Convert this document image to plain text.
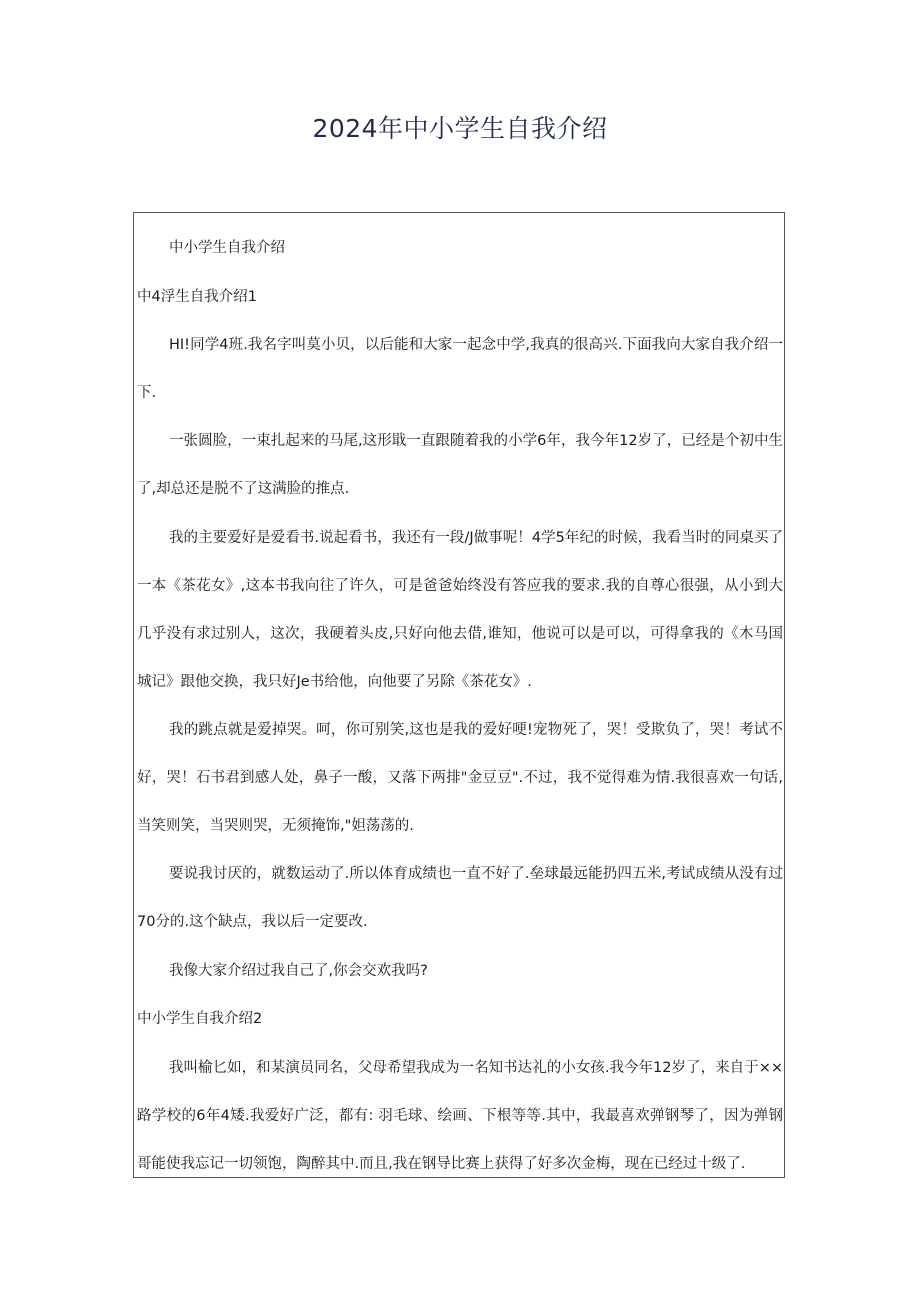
2024年中小学生自我介绍

中小学生自我介绍

中4浮生自我介绍1

HI!同学4班.我名字叫莫小贝，以后能和大家一起念中学,我真的很高兴.下面我向大家自我介绍一下.

一张圆脸，一束扎起来的马尾,这形戢一直跟随着我的小学6年，我今年12岁了，已经是个初中生了,却总还是脱不了这满脸的推点.

我的主要爱好是爱看书.说起看书，我还有一段/J做事呢！4学5年纪的时候，我看当时的同桌买了一本《茶花女》,这本书我向往了许久，可是爸爸始终没有答应我的要求.我的自尊心很强，从小到大几乎没有求过别人，这次，我硬着头皮,只好向他去借,谁知，他说可以是可以，可得拿我的《木马国城记》跟他交换，我只好Je书给他，向他要了另除《茶花女》.

我的跳点就是爱掉哭。呵，你可别笑,这也是我的爱好哽!宠物死了，哭！受欺负了，哭！考试不好，哭！石书君到感人处，鼻子一酸，又落下两排"金豆豆".不过，我不觉得难为情.我很喜欢一句话,当笑则笑，当哭则哭，无须掩饰,"妲荡荡的.

要说我讨厌的，就数运动了.所以体育成绩也一直不好了.垒球最远能扔四五米,考试成绩从没有过70分的.这个缺点，我以后一定要改.

我像大家介绍过我自己了,你会交欢我吗?

中小学生自我介绍2

我叫榆匕如，和某演员同名，父母希望我成为一名知书达礼的小女孩.我今年12岁了，来自于××路学校的6年4矮.我爱好广泛，都有: 羽毛球、绘画、下根等等.其中，我最喜欢弹钢琴了，因为弹钢哥能使我忘记一切领饱，陶醉其中.而且,我在钢导比赛上获得了好多次金梅，现在已经过十级了.
